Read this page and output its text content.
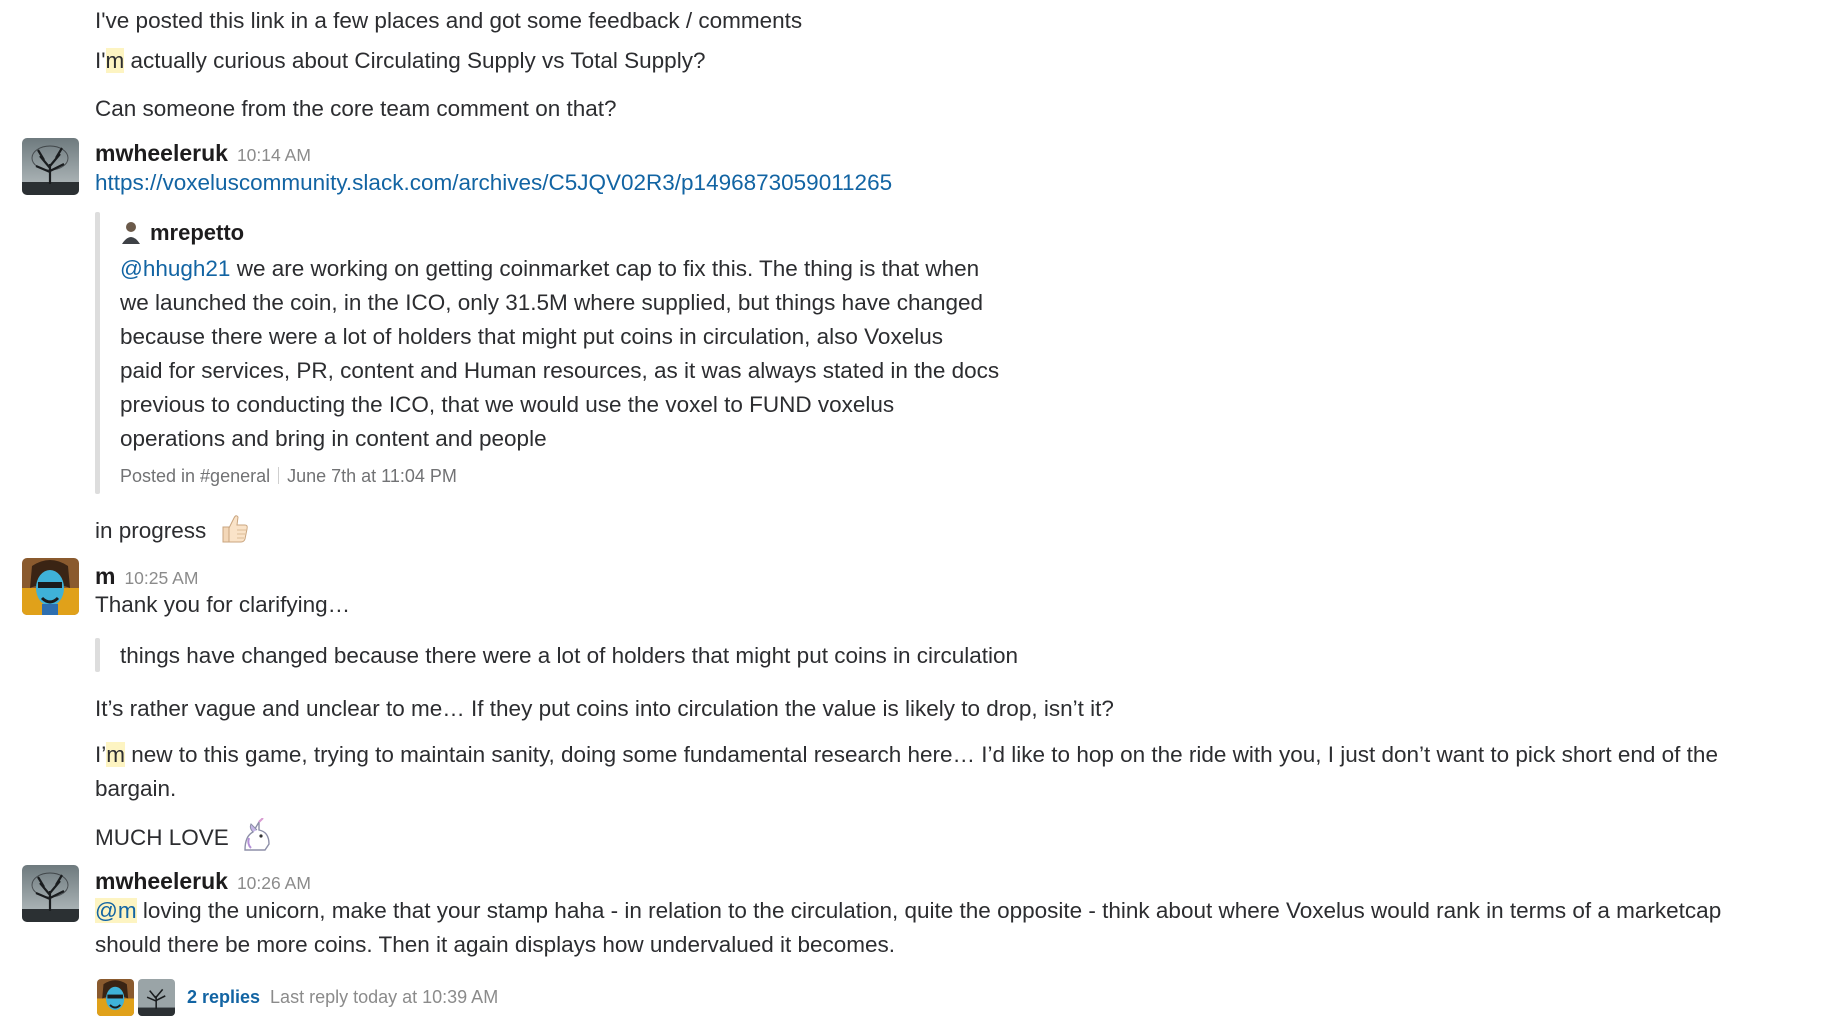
I've posted this link in a few places and got some feedback / comments
I'm actually curious about Circulating Supply vs Total Supply?
Can someone from the core team comment on that?
mwheeleruk 10:14 AM
https://voxeluscommunity.slack.com/archives/C5JQV02R3/p1496873059011265
mrepetto
@hhugh21 we are working on getting coinmarket cap to fix this. The thing is that when
we launched the coin, in the ICO, only 31.5M where supplied, but things have changed
because there were a lot of holders that might put coins in circulation, also Voxelus
paid for services, PR, content and Human resources, as it was always stated in the docs
previous to conducting the ICO, that we would use the voxel to FUND voxelus
operations and bring in content and people
Posted in #general June 7th at 11:04 PM
in progress
m 10:25 AM
Thank you for clarifying…
things have changed because there were a lot of holders that might put coins in circulation
It’s rather vague and unclear to me… If they put coins into circulation the value is likely to drop, isn’t it?
I’m new to this game, trying to maintain sanity, doing some fundamental research here… I’d like to hop on the ride with you, I just don’t want to pick short end of the
bargain.
MUCH LOVE
mwheeleruk 10:26 AM
@m loving the unicorn, make that your stamp haha - in relation to the circulation, quite the opposite - think about where Voxelus would rank in terms of a marketcap
should there be more coins. Then it again displays how undervalued it becomes.
2 replies Last reply today at 10:39 AM
